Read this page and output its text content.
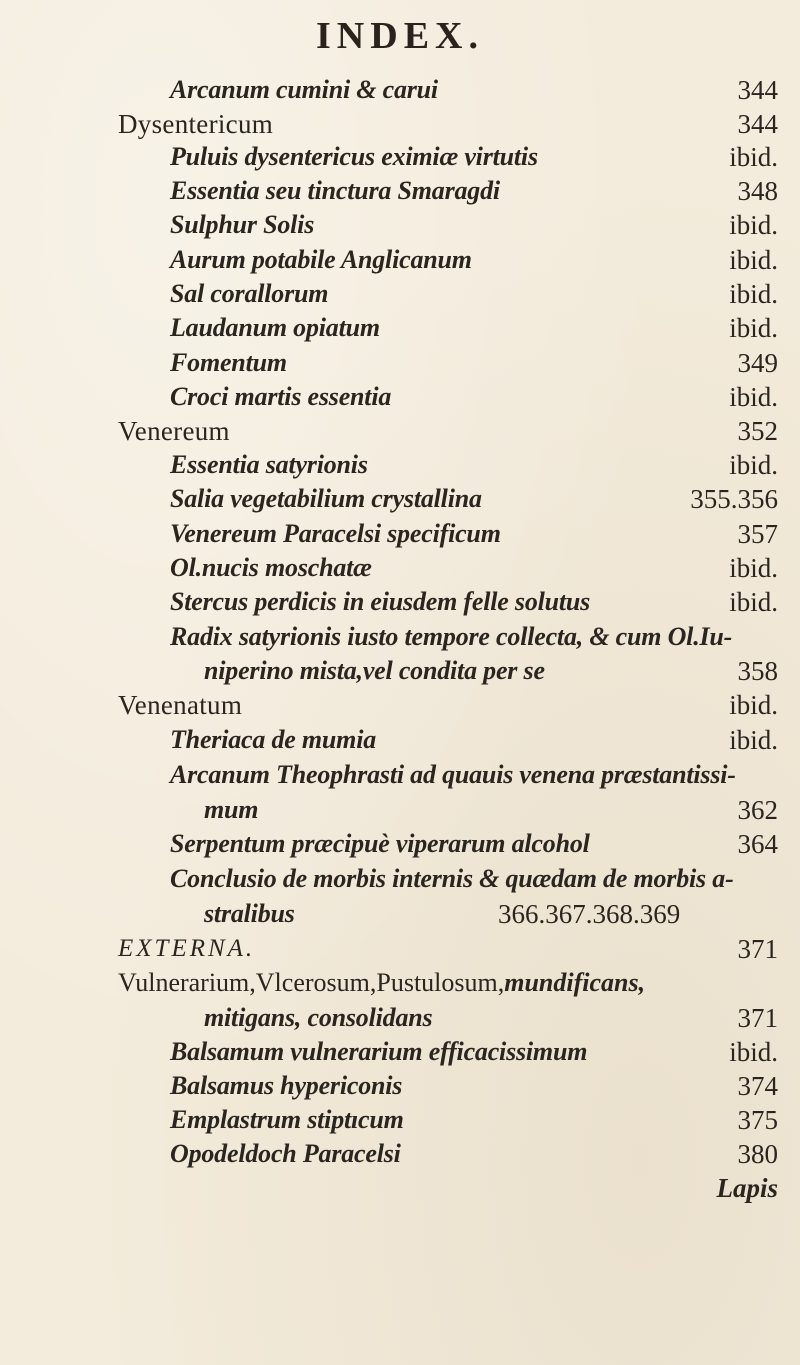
INDEX.
Arcanum cumini & carui	344
Dysentericum	344
Puluis dysentericus eximiæ virtutis	ibid.
Essentia seu tinctura Smaragdi	348
Sulphur Solis	ibid.
Aurum potabile Anglicanum	ibid.
Sal corallorum	ibid.
Laudanum opiatum	ibid.
Fomentum	349
Croci martis essentia	ibid.
Venereum	352
Essentia satyrionis	ibid.
Salia vegetabilium crystallina	355.356
Venereum Paracelsi specificum	357
Ol.nucis moschatæ	ibid.
Stercus perdicis in eiusdem felle solutus	ibid.
Radix satyrionis iusto tempore collecta, & cum Ol.Iu-
niperino mista,vel condita per se	358
Venenatum	ibid.
Theriaca de mumia	ibid.
Arcanum Theophrasti ad quauis venena præstantissi-
mum	362
Serpentum præcipuè viperarum alcohol	364
Conclusio de morbis internis & quædam de morbis a-
stralibus	366.367.368.369
EXTERNA.	371
Vulnerarium,Vlcerosum,Pustulosum,mundificans,
mitigans, consolidans	371
Balsamum vulnerarium efficacissimum	ibid.
Balsamus hypericonis	374
Emplastrum stiptıcum	375
Opodeldoch Paracelsi	380
Lapis
